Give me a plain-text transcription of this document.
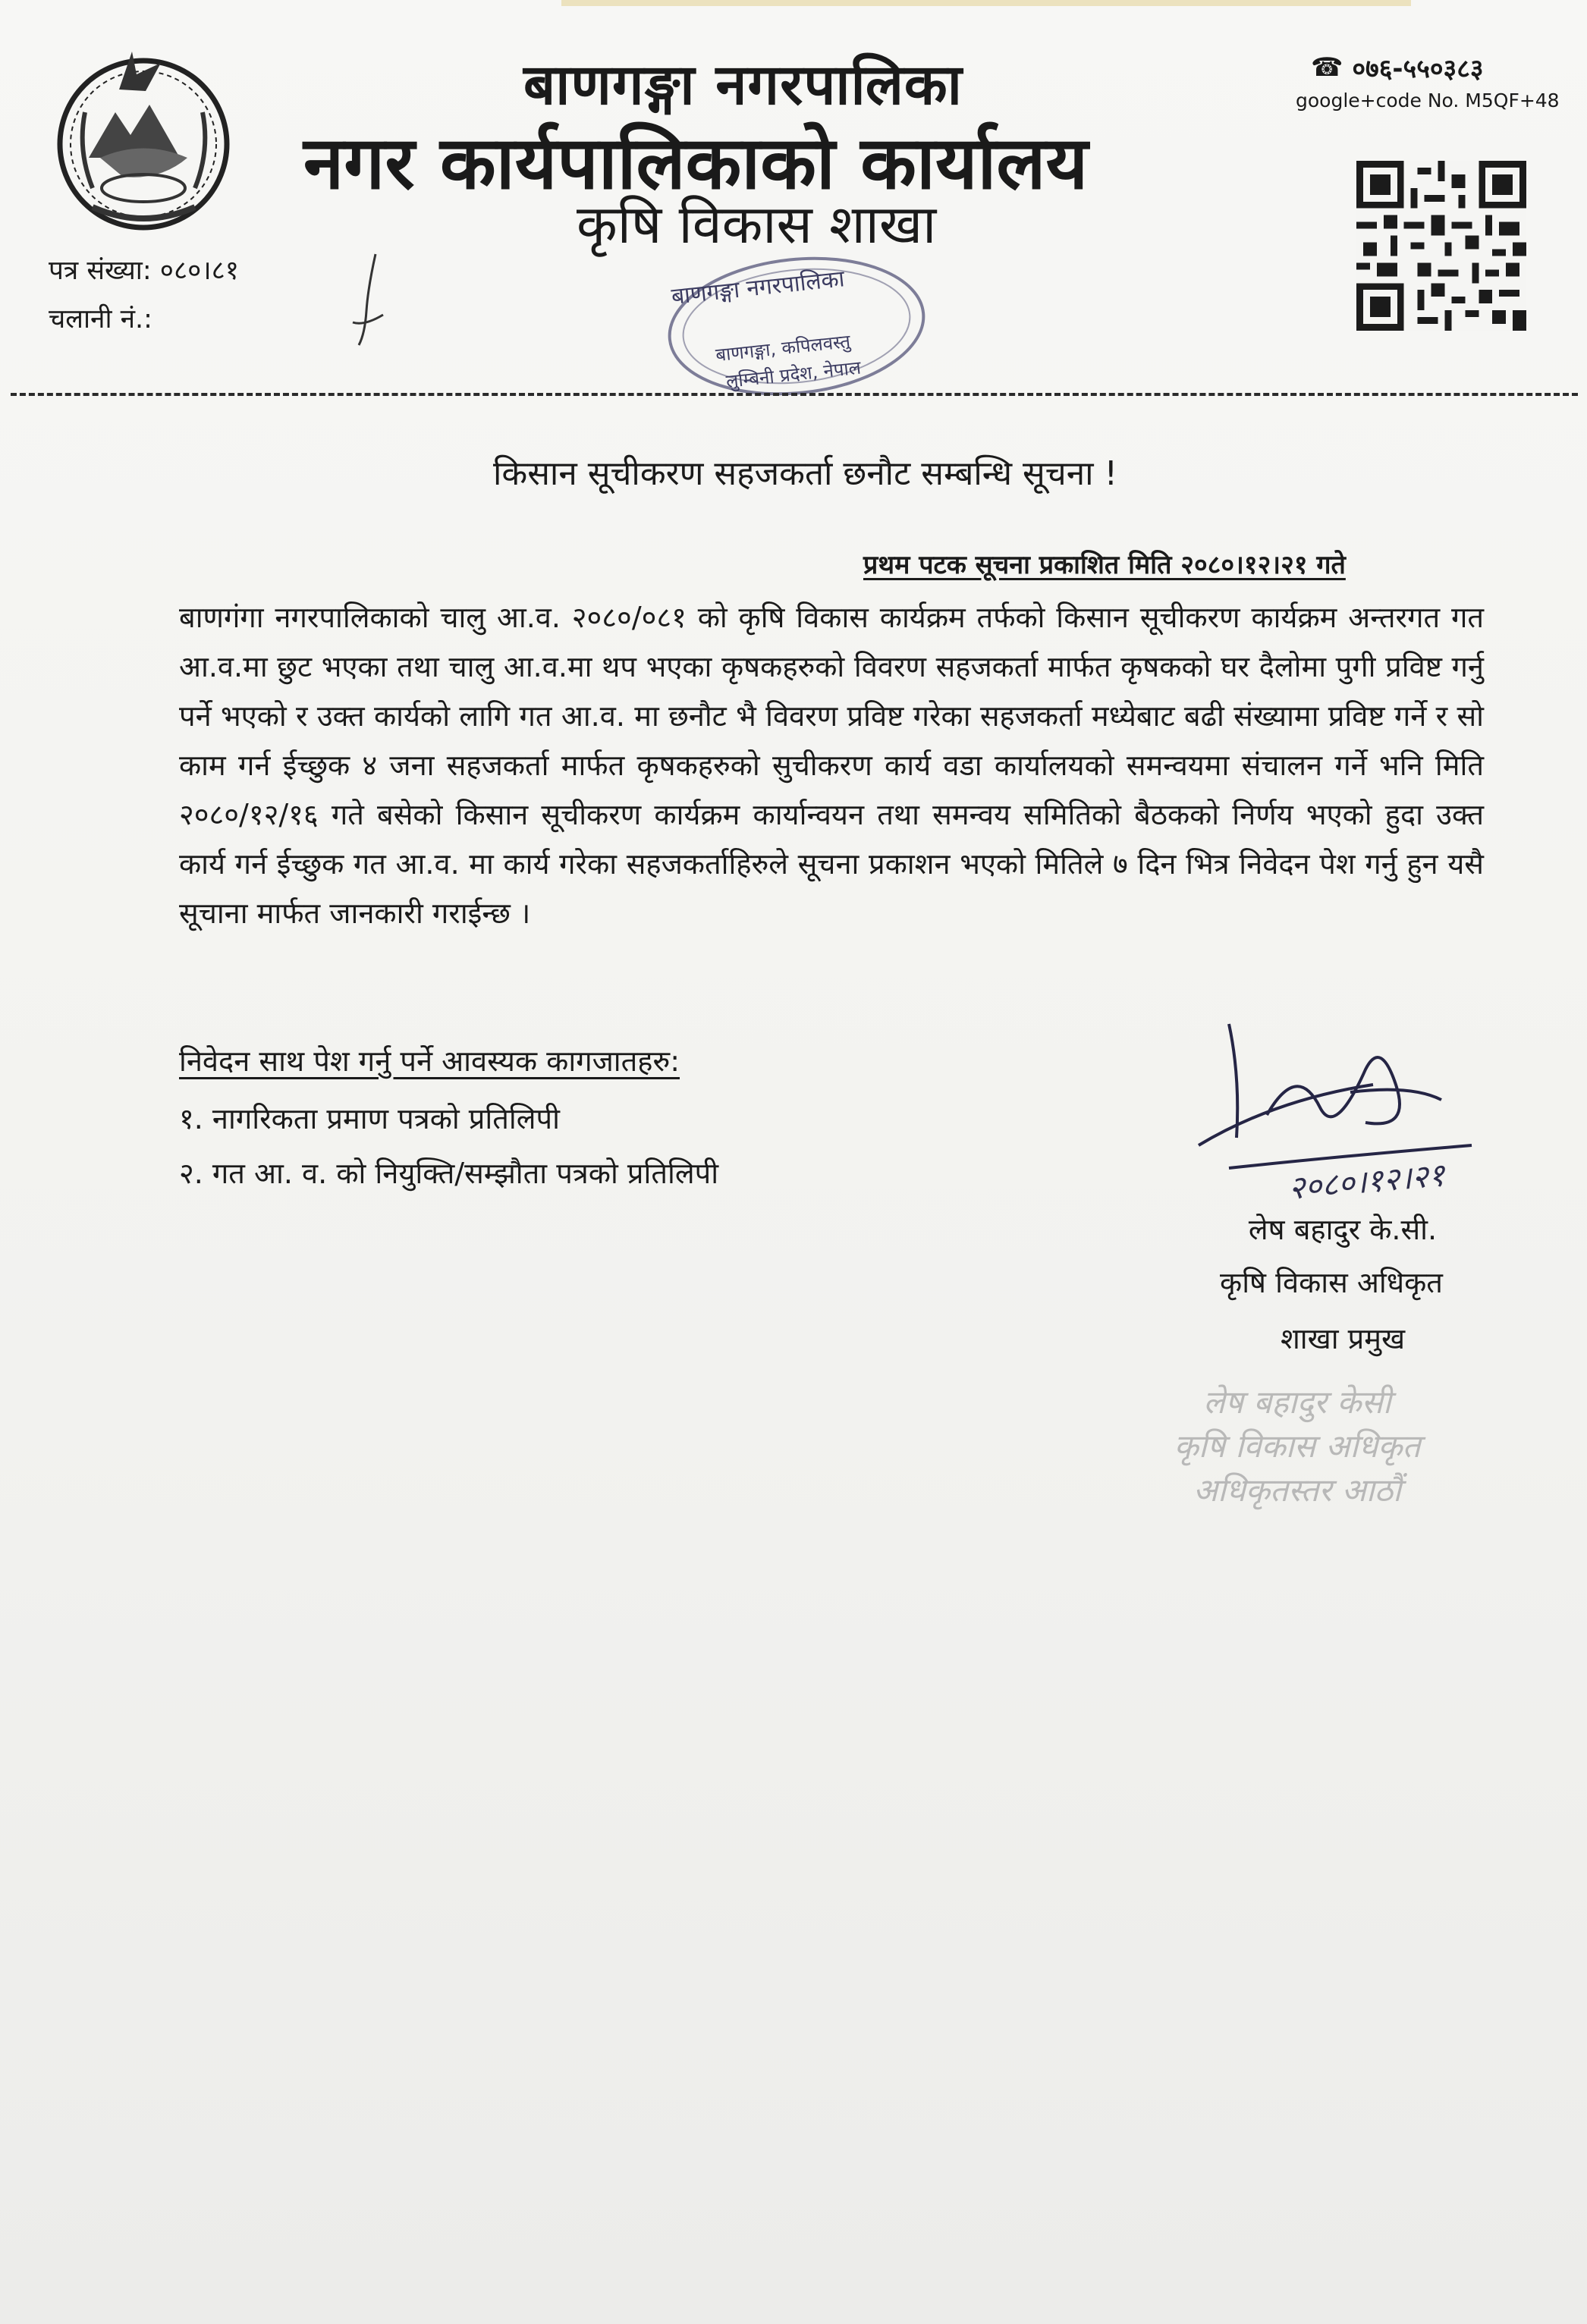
बाणगङ्गा नगरपालिका
नगर कार्यपालिकाको कार्यालय
कृषि विकास शाखा
☎ ०७६-५५०३८३
google+code No. M5QF+48
पत्र संख्या: ०८०।८१
चलानी नं.:
बाणगङ्गा नगरपालिका
बाणगङ्गा, कपिलवस्तु
लुम्बिनी प्रदेश, नेपाल
किसान सूचीकरण सहजकर्ता छनौट सम्बन्धि सूचना !
प्रथम पटक सूचना प्रकाशित मिति २०८०।१२।२१ गते

बाणगंगा नगरपालिकाको चालु आ.व. २०८०/०८१ को कृषि विकास कार्यक्रम तर्फको किसान सूचीकरण कार्यक्रम अन्तरगत गत आ.व.मा छुट भएका तथा चालु आ.व.मा थप भएका कृषकहरुको विवरण सहजकर्ता मार्फत कृषकको घर दैलोमा पुगी प्रविष्ट गर्नु पर्ने भएको र उक्त कार्यको लागि गत आ.व. मा छनौट भै विवरण प्रविष्ट गरेका सहजकर्ता मध्येबाट बढी संख्यामा प्रविष्ट गर्ने र सो काम गर्न ईच्छुक ४ जना सहजकर्ता मार्फत कृषकहरुको सुचीकरण कार्य वडा कार्यालयको समन्वयमा संचालन गर्ने भनि मिति २०८०/१२/१६ गते बसेको किसान सूचीकरण कार्यक्रम कार्यान्वयन तथा समन्वय समितिको बैठकको निर्णय भएको हुदा उक्त कार्य गर्न ईच्छुक गत आ.व. मा कार्य गरेका सहजकर्ताहिरुले सूचना प्रकाशन भएको मितिले ७ दिन भित्र निवेदन पेश गर्नु हुन यसै सूचाना मार्फत जानकारी गराईन्छ ।

निवेदन साथ पेश गर्नु पर्ने आवस्यक कागजातहरु:
१. नागरिकता प्रमाण पत्रको प्रतिलिपी
२. गत आ. व. को नियुक्ति/सम्झौता पत्रको प्रतिलिपी	२०८०।१२।२१
लेष बहादुर के.सी.
कृषि विकास अधिकृत
शाखा प्रमुख
लेष बहादुर केसी
कृषि विकास अधिकृत
अधिकृतस्तर आठौं
